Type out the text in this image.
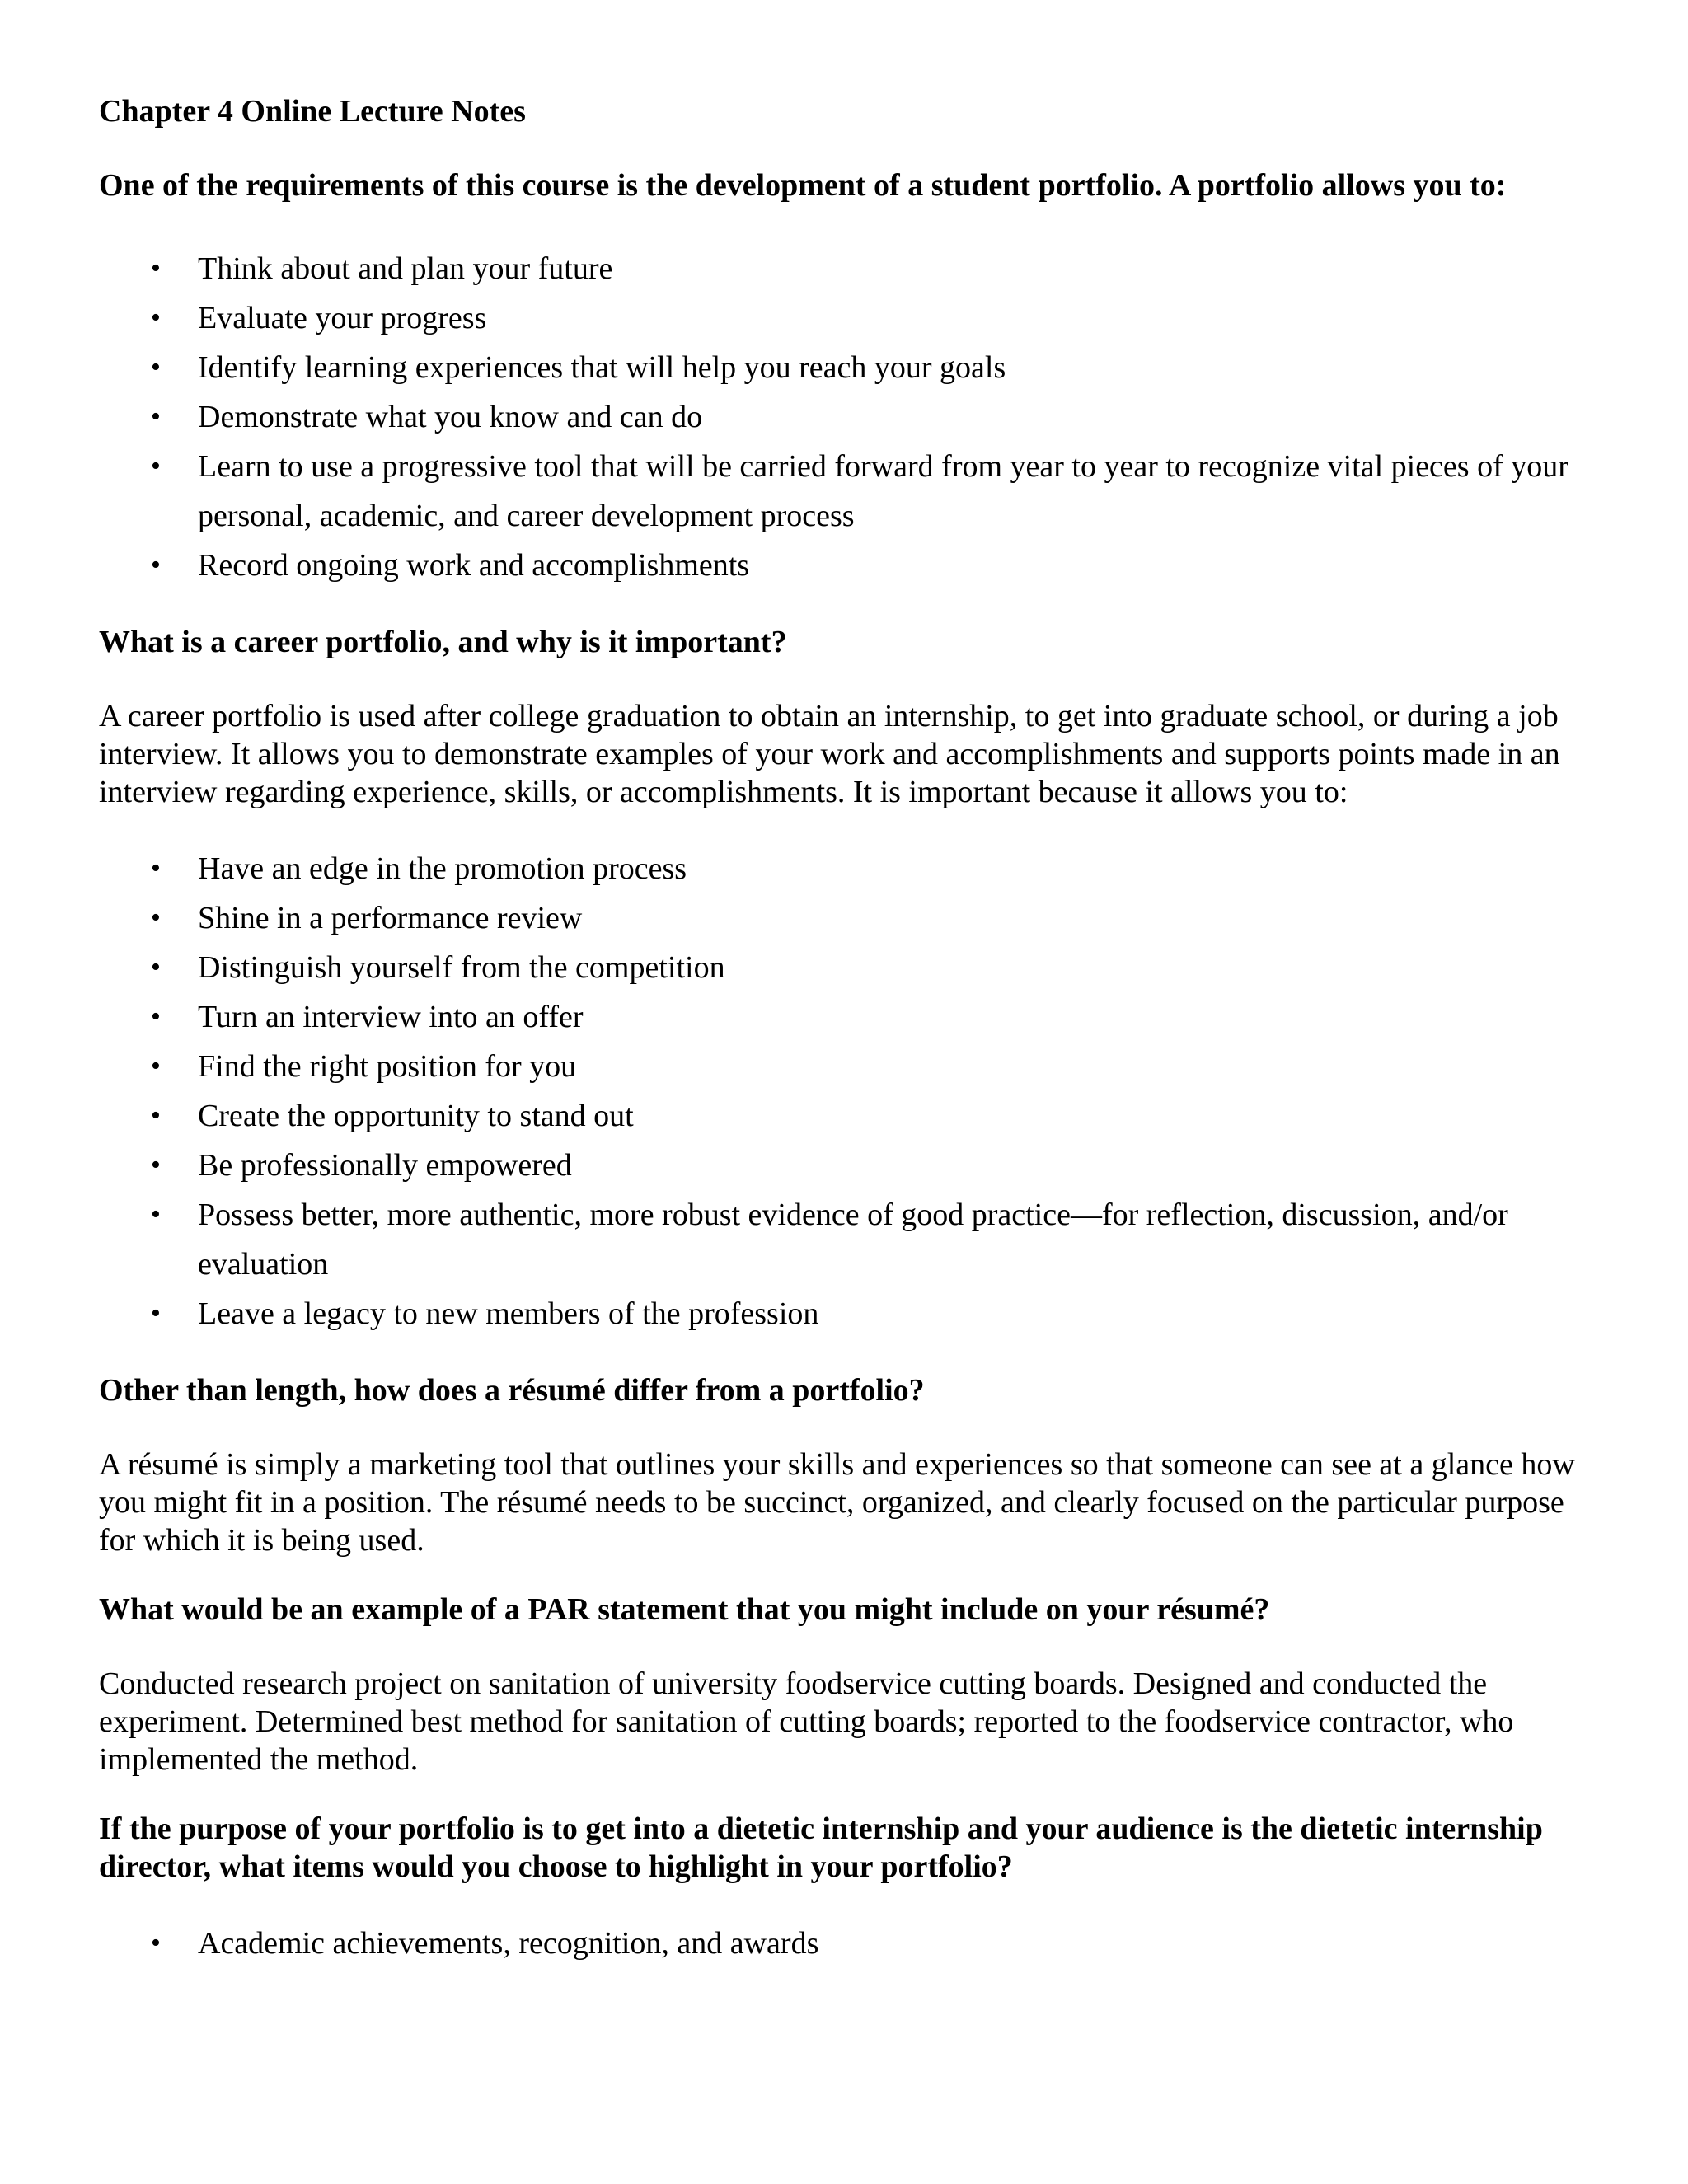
Chapter 4 Online Lecture Notes

One of the requirements of this course is the development of a student portfolio. A portfolio allows you to:

• Think about and plan your future
• Evaluate your progress
• Identify learning experiences that will help you reach your goals
• Demonstrate what you know and can do
• Learn to use a progressive tool that will be carried forward from year to year to recognize vital pieces of your personal, academic, and career development process
• Record ongoing work and accomplishments

What is a career portfolio, and why is it important?

A career portfolio is used after college graduation to obtain an internship, to get into graduate school, or during a job interview. It allows you to demonstrate examples of your work and accomplishments and supports points made in an interview regarding experience, skills, or accomplishments. It is important because it allows you to:

• Have an edge in the promotion process
• Shine in a performance review
• Distinguish yourself from the competition
• Turn an interview into an offer
• Find the right position for you
• Create the opportunity to stand out
• Be professionally empowered
• Possess better, more authentic, more robust evidence of good practice—for reflection, discussion, and/or evaluation
• Leave a legacy to new members of the profession

Other than length, how does a résumé differ from a portfolio?

A résumé is simply a marketing tool that outlines your skills and experiences so that someone can see at a glance how you might fit in a position. The résumé needs to be succinct, organized, and clearly focused on the particular purpose for which it is being used.

What would be an example of a PAR statement that you might include on your résumé?

Conducted research project on sanitation of university foodservice cutting boards. Designed and conducted the experiment. Determined best method for sanitation of cutting boards; reported to the foodservice contractor, who implemented the method.

If the purpose of your portfolio is to get into a dietetic internship and your audience is the dietetic internship director, what items would you choose to highlight in your portfolio?

• Academic achievements, recognition, and awards
